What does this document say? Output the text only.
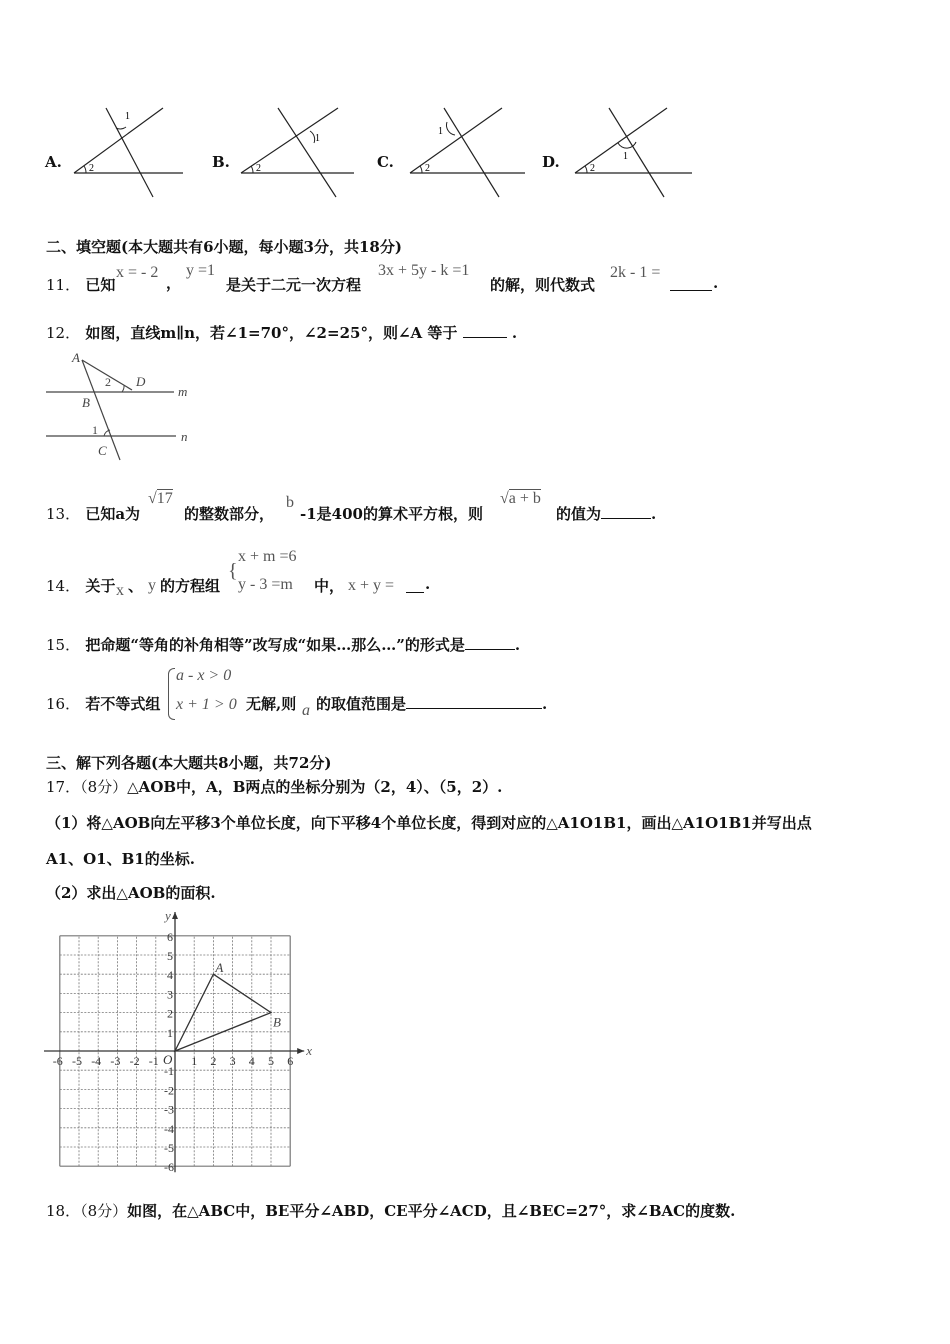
A.	2
1
B.	2
1
C.	2
1
D.	2
1
二、填空题(本大题共有6小题，每小题3分，共18分)
11． 已知
x = - 2
，
y =1
是关于二元一次方程
3x + 5y - k =1
的解，则代数式
2k - 1 =
.
12． 如图，直线m∥n，若∠1=70°，∠2=25°，则∠A 等于	.
A
B
C
D
m
n
2
1
13． 已知a为
√17
的整数部分，
b
-1是400的算术平方根，则
√a + b
的值为	.
14． 关于 x 、 y 的方程组
{
x + m =6
y - 3 =m 中， x + y = .
15． 把命题“等角的补角相等”改写成“如果…那么…”的形式是	.
16． 若不等式组
a - x > 0
x + 1 > 0 无解,则 a 的取值范围是	.
三、解下列各题(本大题共8小题，共72分)
17．（8分）△AOB中，A，B两点的坐标分别为（2，4）、（5，2）.
（1）将△AOB向左平移3个单位长度，向下平移4个单位长度，得到对应的△A1O1B1，画出△A1O1B1并写出点
A1、O1、B1的坐标.
（2）求出△AOB的面积.
x
y
-6 -5 -4 -3 -2 -1	1 2 3 4 5 6
6
5
4
3
2
1
-1
-2
-3
-4
-5
-6
O
A
B
18．（8分）如图，在△ABC中，BE平分∠ABD，CE平分∠ACD，且∠BEC=27°，求∠BAC的度数.
